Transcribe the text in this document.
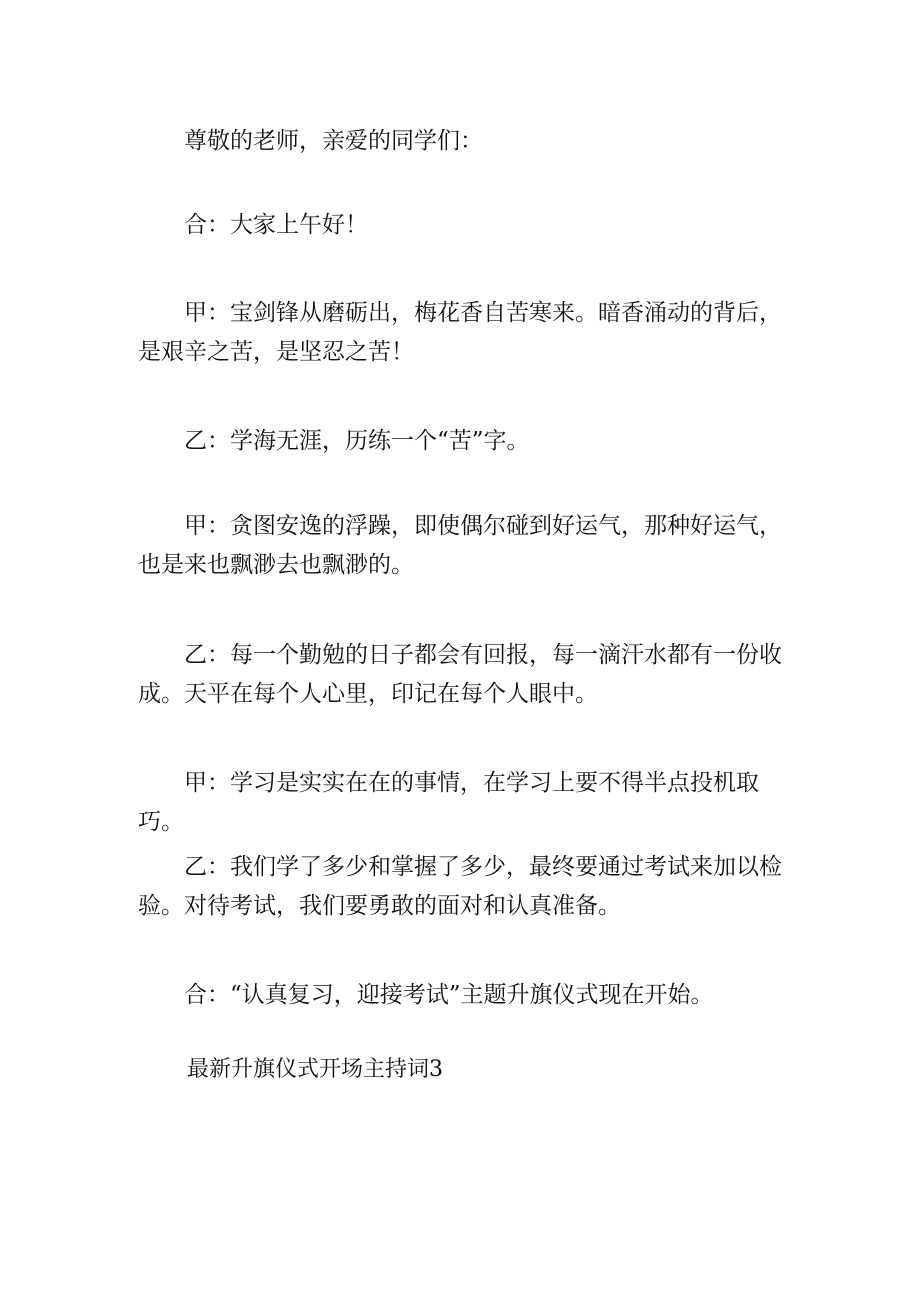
尊敬的老师，亲爱的同学们：

合：大家上午好！

甲：宝剑锋从磨砺出，梅花香自苦寒来。暗香涌动的背后，是艰辛之苦，是坚忍之苦！

乙：学海无涯，历练一个“苦”字。

甲：贪图安逸的浮躁，即使偶尔碰到好运气，那种好运气，也是来也飘渺去也飘渺的。

乙：每一个勤勉的日子都会有回报，每一滴汗水都有一份收成。天平在每个人心里，印记在每个人眼中。

甲：学习是实实在在的事情，在学习上要不得半点投机取巧。

乙：我们学了多少和掌握了多少，最终要通过考试来加以检验。对待考试，我们要勇敢的面对和认真准备。

合：“认真复习，迎接考试”主题升旗仪式现在开始。

最新升旗仪式开场主持词3
